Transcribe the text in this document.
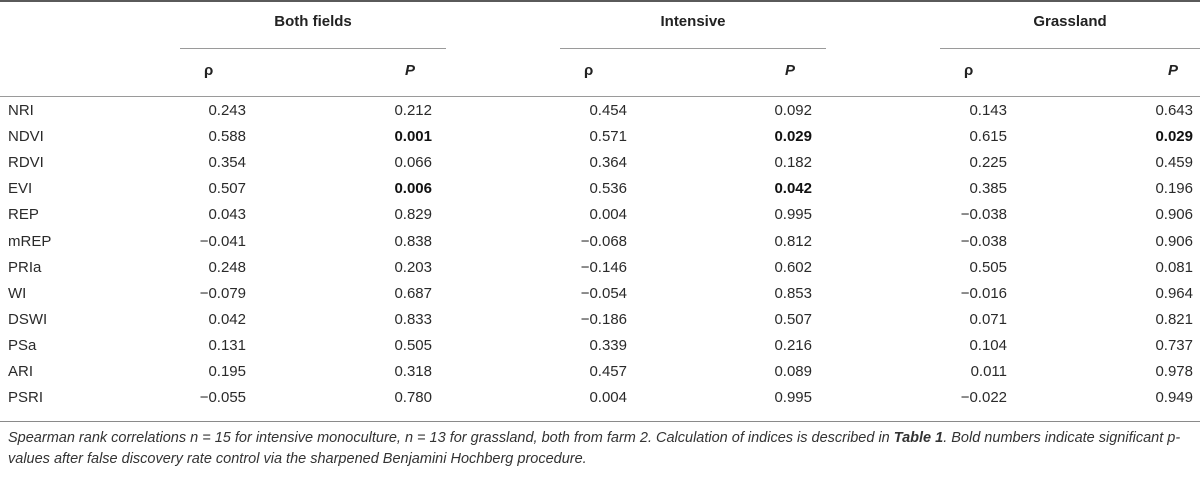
Both fields	Intensive	Grassland
ρ	P	ρ	P	ρ	P
NRI	0.243	0.212	0.454	0.092	0.143	0.643
NDVI	0.588	0.001	0.571	0.029	0.615	0.029
RDVI	0.354	0.066	0.364	0.182	0.225	0.459
EVI	0.507	0.006	0.536	0.042	0.385	0.196
REP	0.043	0.829	0.004	0.995	−0.038	0.906
mREP	−0.041	0.838	−0.068	0.812	−0.038	0.906
PRIa	0.248	0.203	−0.146	0.602	0.505	0.081
WI	−0.079	0.687	−0.054	0.853	−0.016	0.964
DSWI	0.042	0.833	−0.186	0.507	0.071	0.821
PSa	0.131	0.505	0.339	0.216	0.104	0.737
ARI	0.195	0.318	0.457	0.089	0.011	0.978
PSRI	−0.055	0.780	0.004	0.995	−0.022	0.949
Spearman rank correlations n = 15 for intensive monoculture, n = 13 for grassland, both from farm 2. Calculation of indices is described in Table 1. Bold numbers indicate significant p-values after false discovery rate control via the sharpened Benjamini Hochberg procedure.
